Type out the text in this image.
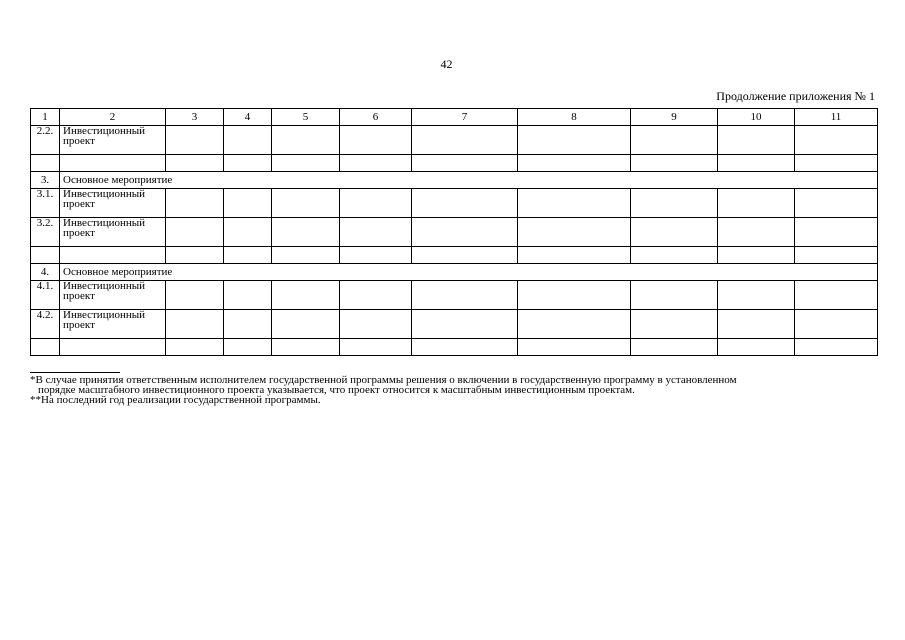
42
Продолжение приложения № 1
1	2	3	4	5	6	7	8	9	10	11
2.2.	Инвестиционный проект									

3.	Основное мероприятие									
3.1.	Инвестиционный проект									
3.2.	Инвестиционный проект									

4.	Основное мероприятие									
4.1.	Инвестиционный проект									
4.2.	Инвестиционный проект									

*В случае принятия ответственным исполнителем государственной программы решения о включении в государственную программу в установленном
порядке масштабного инвестиционного проекта указывается, что проект относится к масштабным инвестиционным проектам.

**На последний год реализации государственной программы.
